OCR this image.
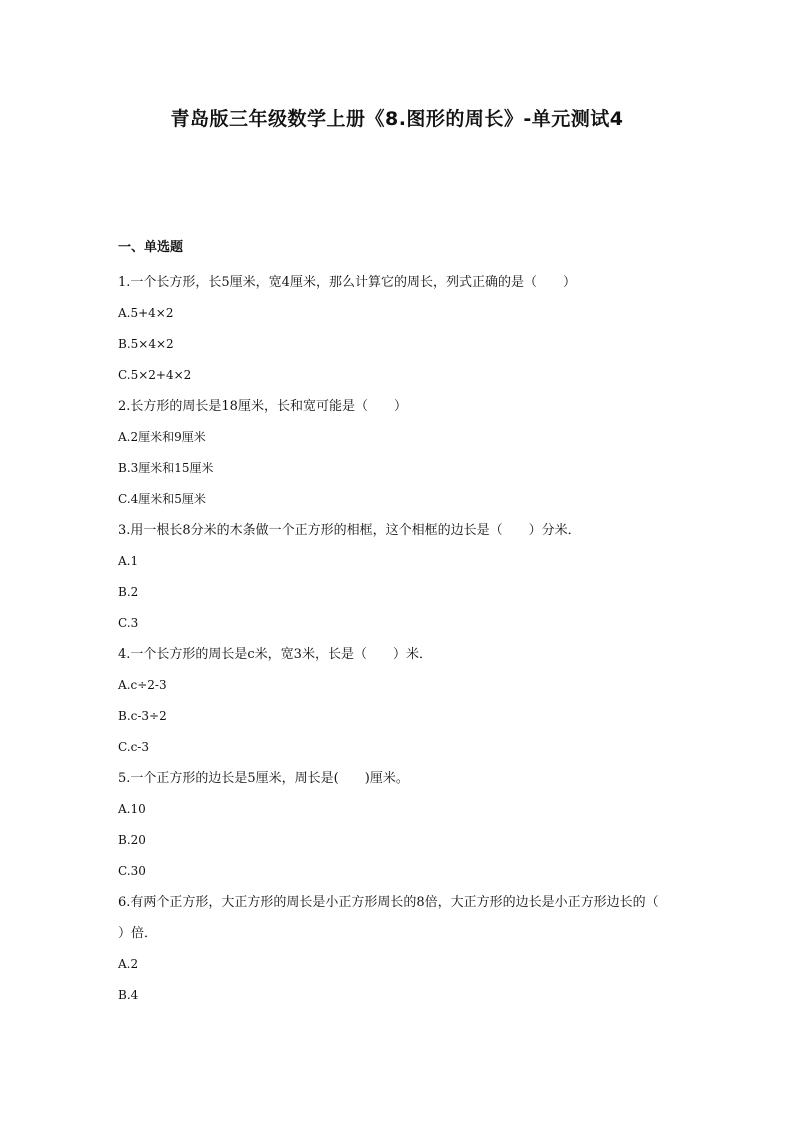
青岛版三年级数学上册《8.图形的周长》-单元测试4
一、单选题
1.一个长方形，长5厘米，宽4厘米，那么计算它的周长，列式正确的是（　　）
A.5+4×2
B.5×4×2
C.5×2+4×2
2.长方形的周长是18厘米，长和宽可能是（　　）
A.2厘米和9厘米
B.3厘米和15厘米
C.4厘米和5厘米
3.用一根长8分米的木条做一个正方形的相框，这个相框的边长是（　　）分米．
A.1
B.2
C.3
4.一个长方形的周长是c米，宽3米，长是（　　）米．
A.c÷2-3
B.c-3÷2
C.c-3
5.一个正方形的边长是5厘米，周长是(　　)厘米。
A.10
B.20
C.30
6.有两个正方形，大正方形的周长是小正方形周长的8倍，大正方形的边长是小正方形边长的（　　）倍．
A.2
B.4
